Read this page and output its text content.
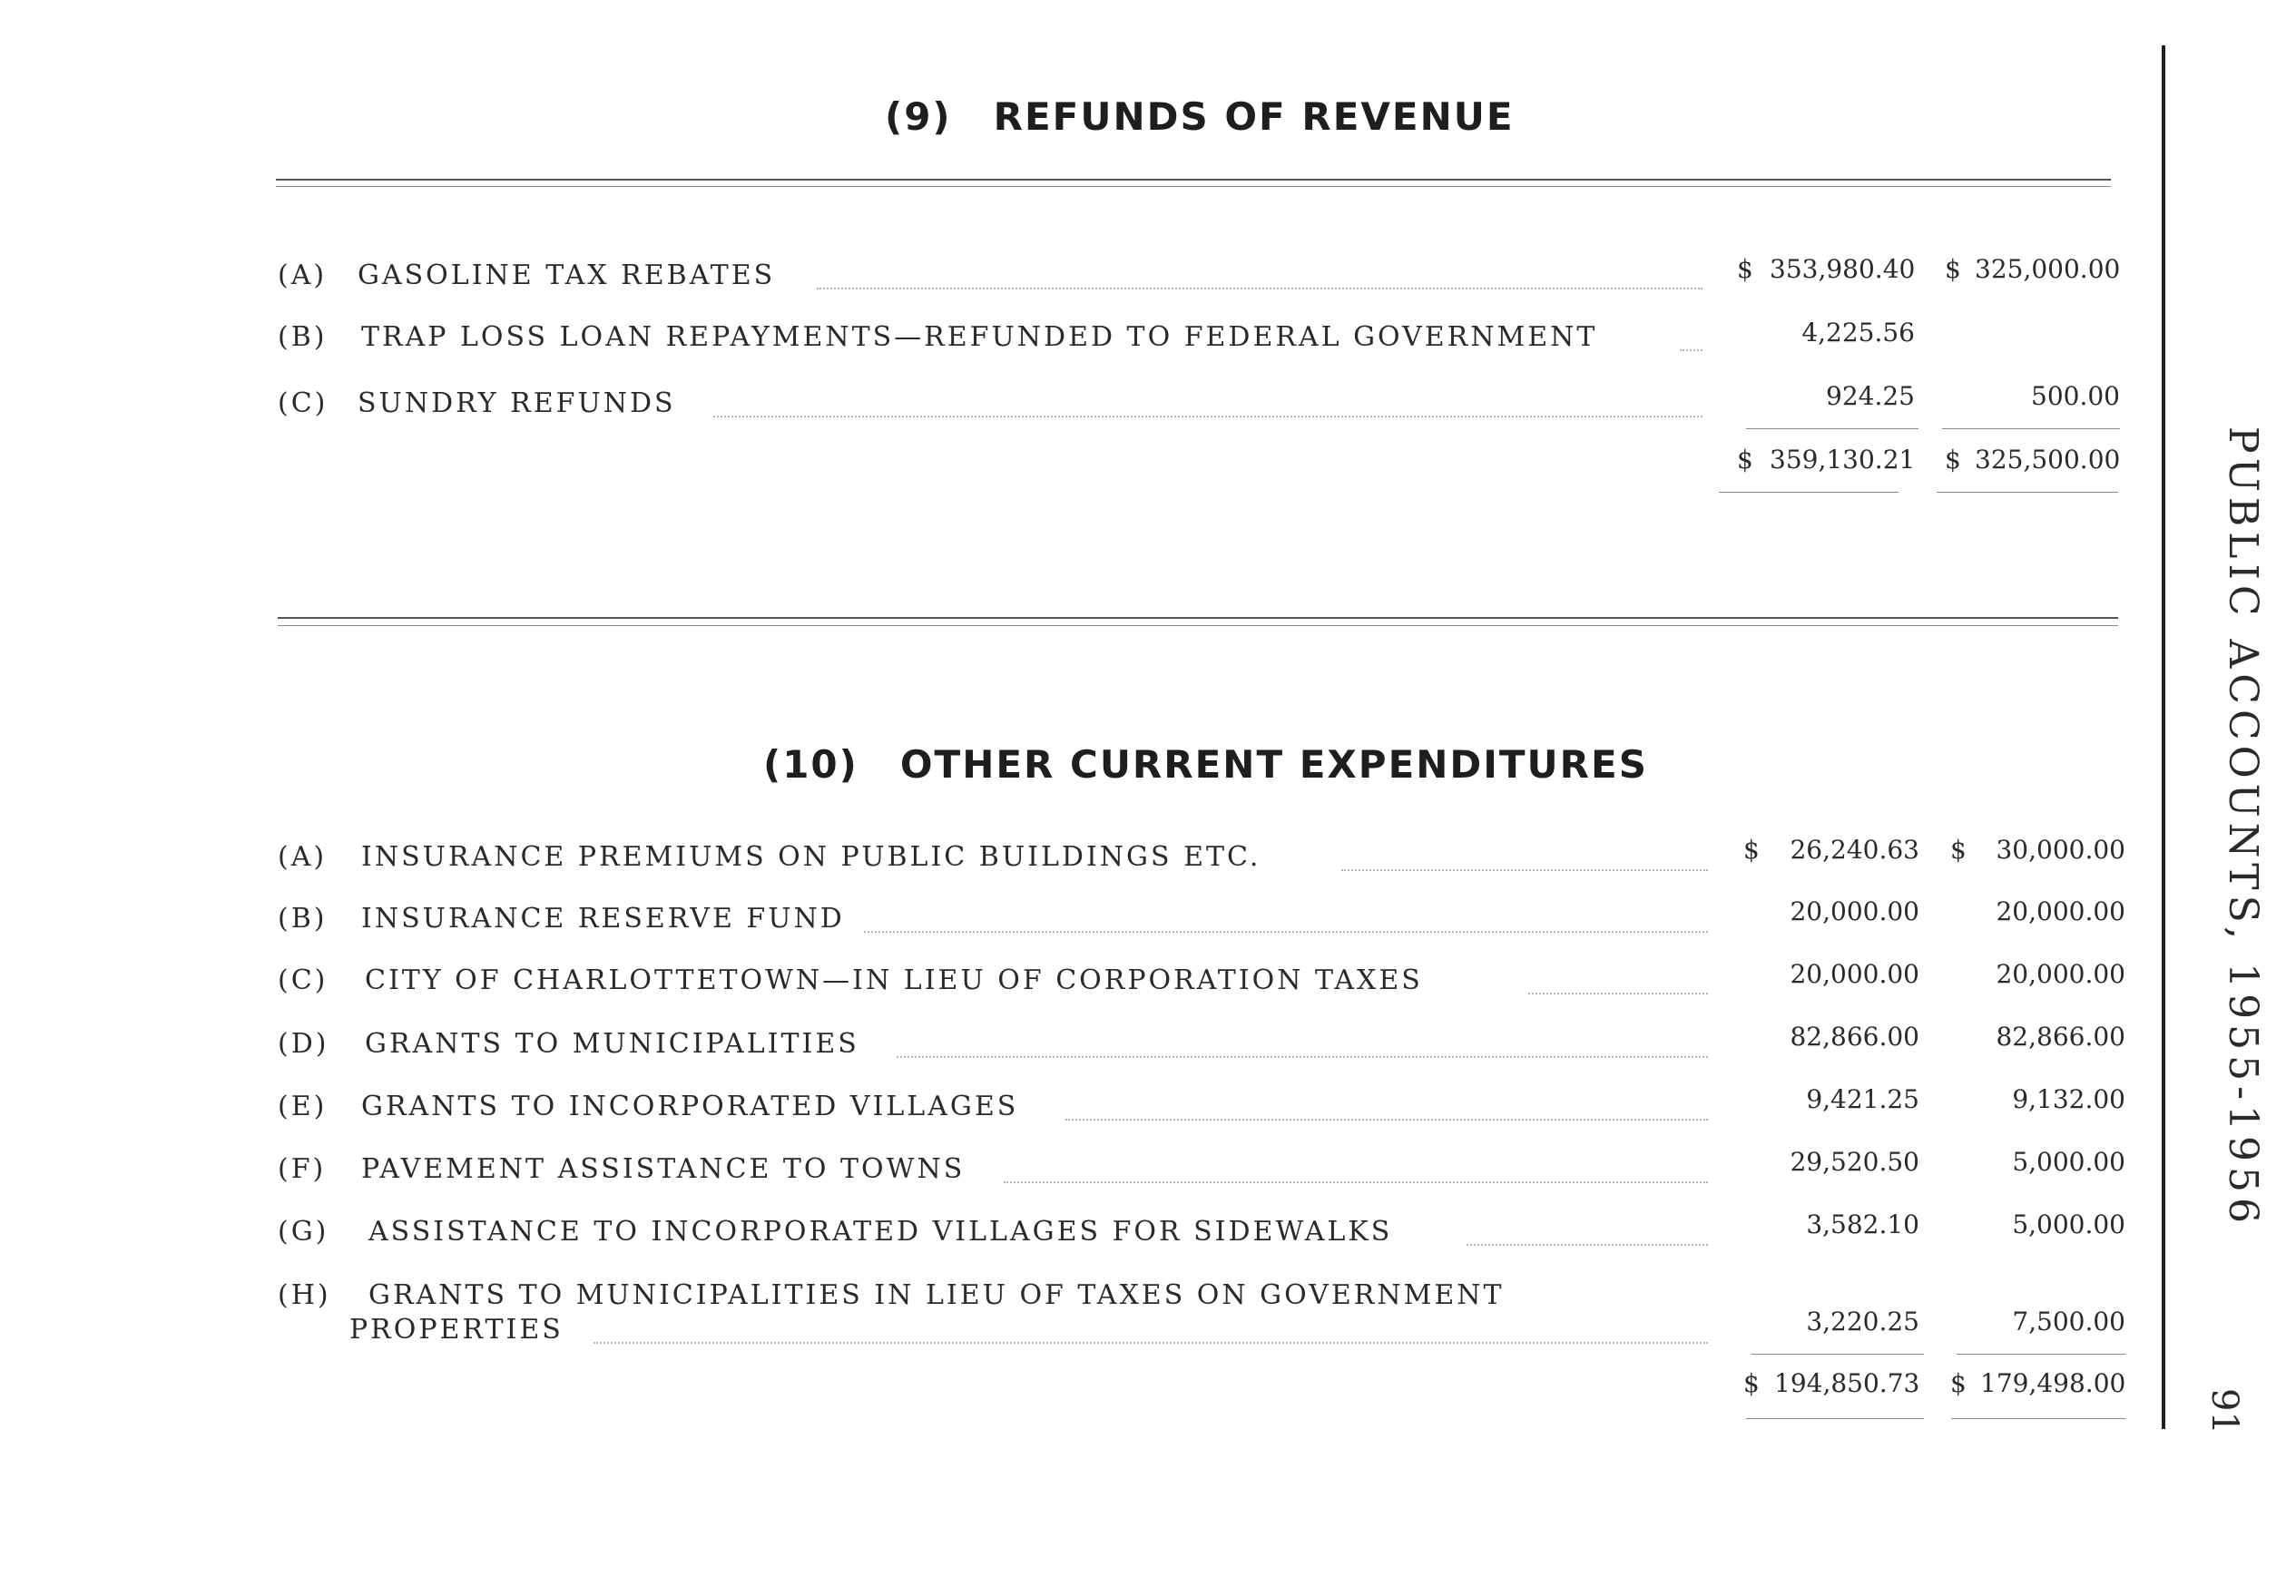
(9) REFUNDS OF REVENUE
(A) GASOLINE TAX REBATES	$ 353,980.40 $ 325,000.00
(B) TRAP LOSS LOAN REPAYMENTS—REFUNDED TO FEDERAL GOVERNMENT	4,225.56
(C) SUNDRY REFUNDS	924.25	500.00
$ 359,130.21 $ 325,500.00
(10) OTHER CURRENT EXPENDITURES
(A) INSURANCE PREMIUMS ON PUBLIC BUILDINGS ETC.	$	26,240.63 $	30,000.00
(B) INSURANCE RESERVE FUND	20,000.00	20,000.00
(C) CITY OF CHARLOTTETOWN—IN LIEU OF CORPORATION TAXES	20,000.00	20,000.00
(D) GRANTS TO MUNICIPALITIES	82,866.00	82,866.00
(E) GRANTS TO INCORPORATED VILLAGES	9,421.25	9,132.00
(F) PAVEMENT ASSISTANCE TO TOWNS	29,520.50	5,000.00
(G) ASSISTANCE TO INCORPORATED VILLAGES FOR SIDEWALKS	3,582.10	5,000.00
(H) GRANTS TO MUNICIPALITIES IN LIEU OF TAXES ON GOVERNMENT
PROPERTIES	3,220.25	7,500.00
$ 194,850.73 $ 179,498.00
PUBLIC ACCOUNTS, 1955-1956
91
